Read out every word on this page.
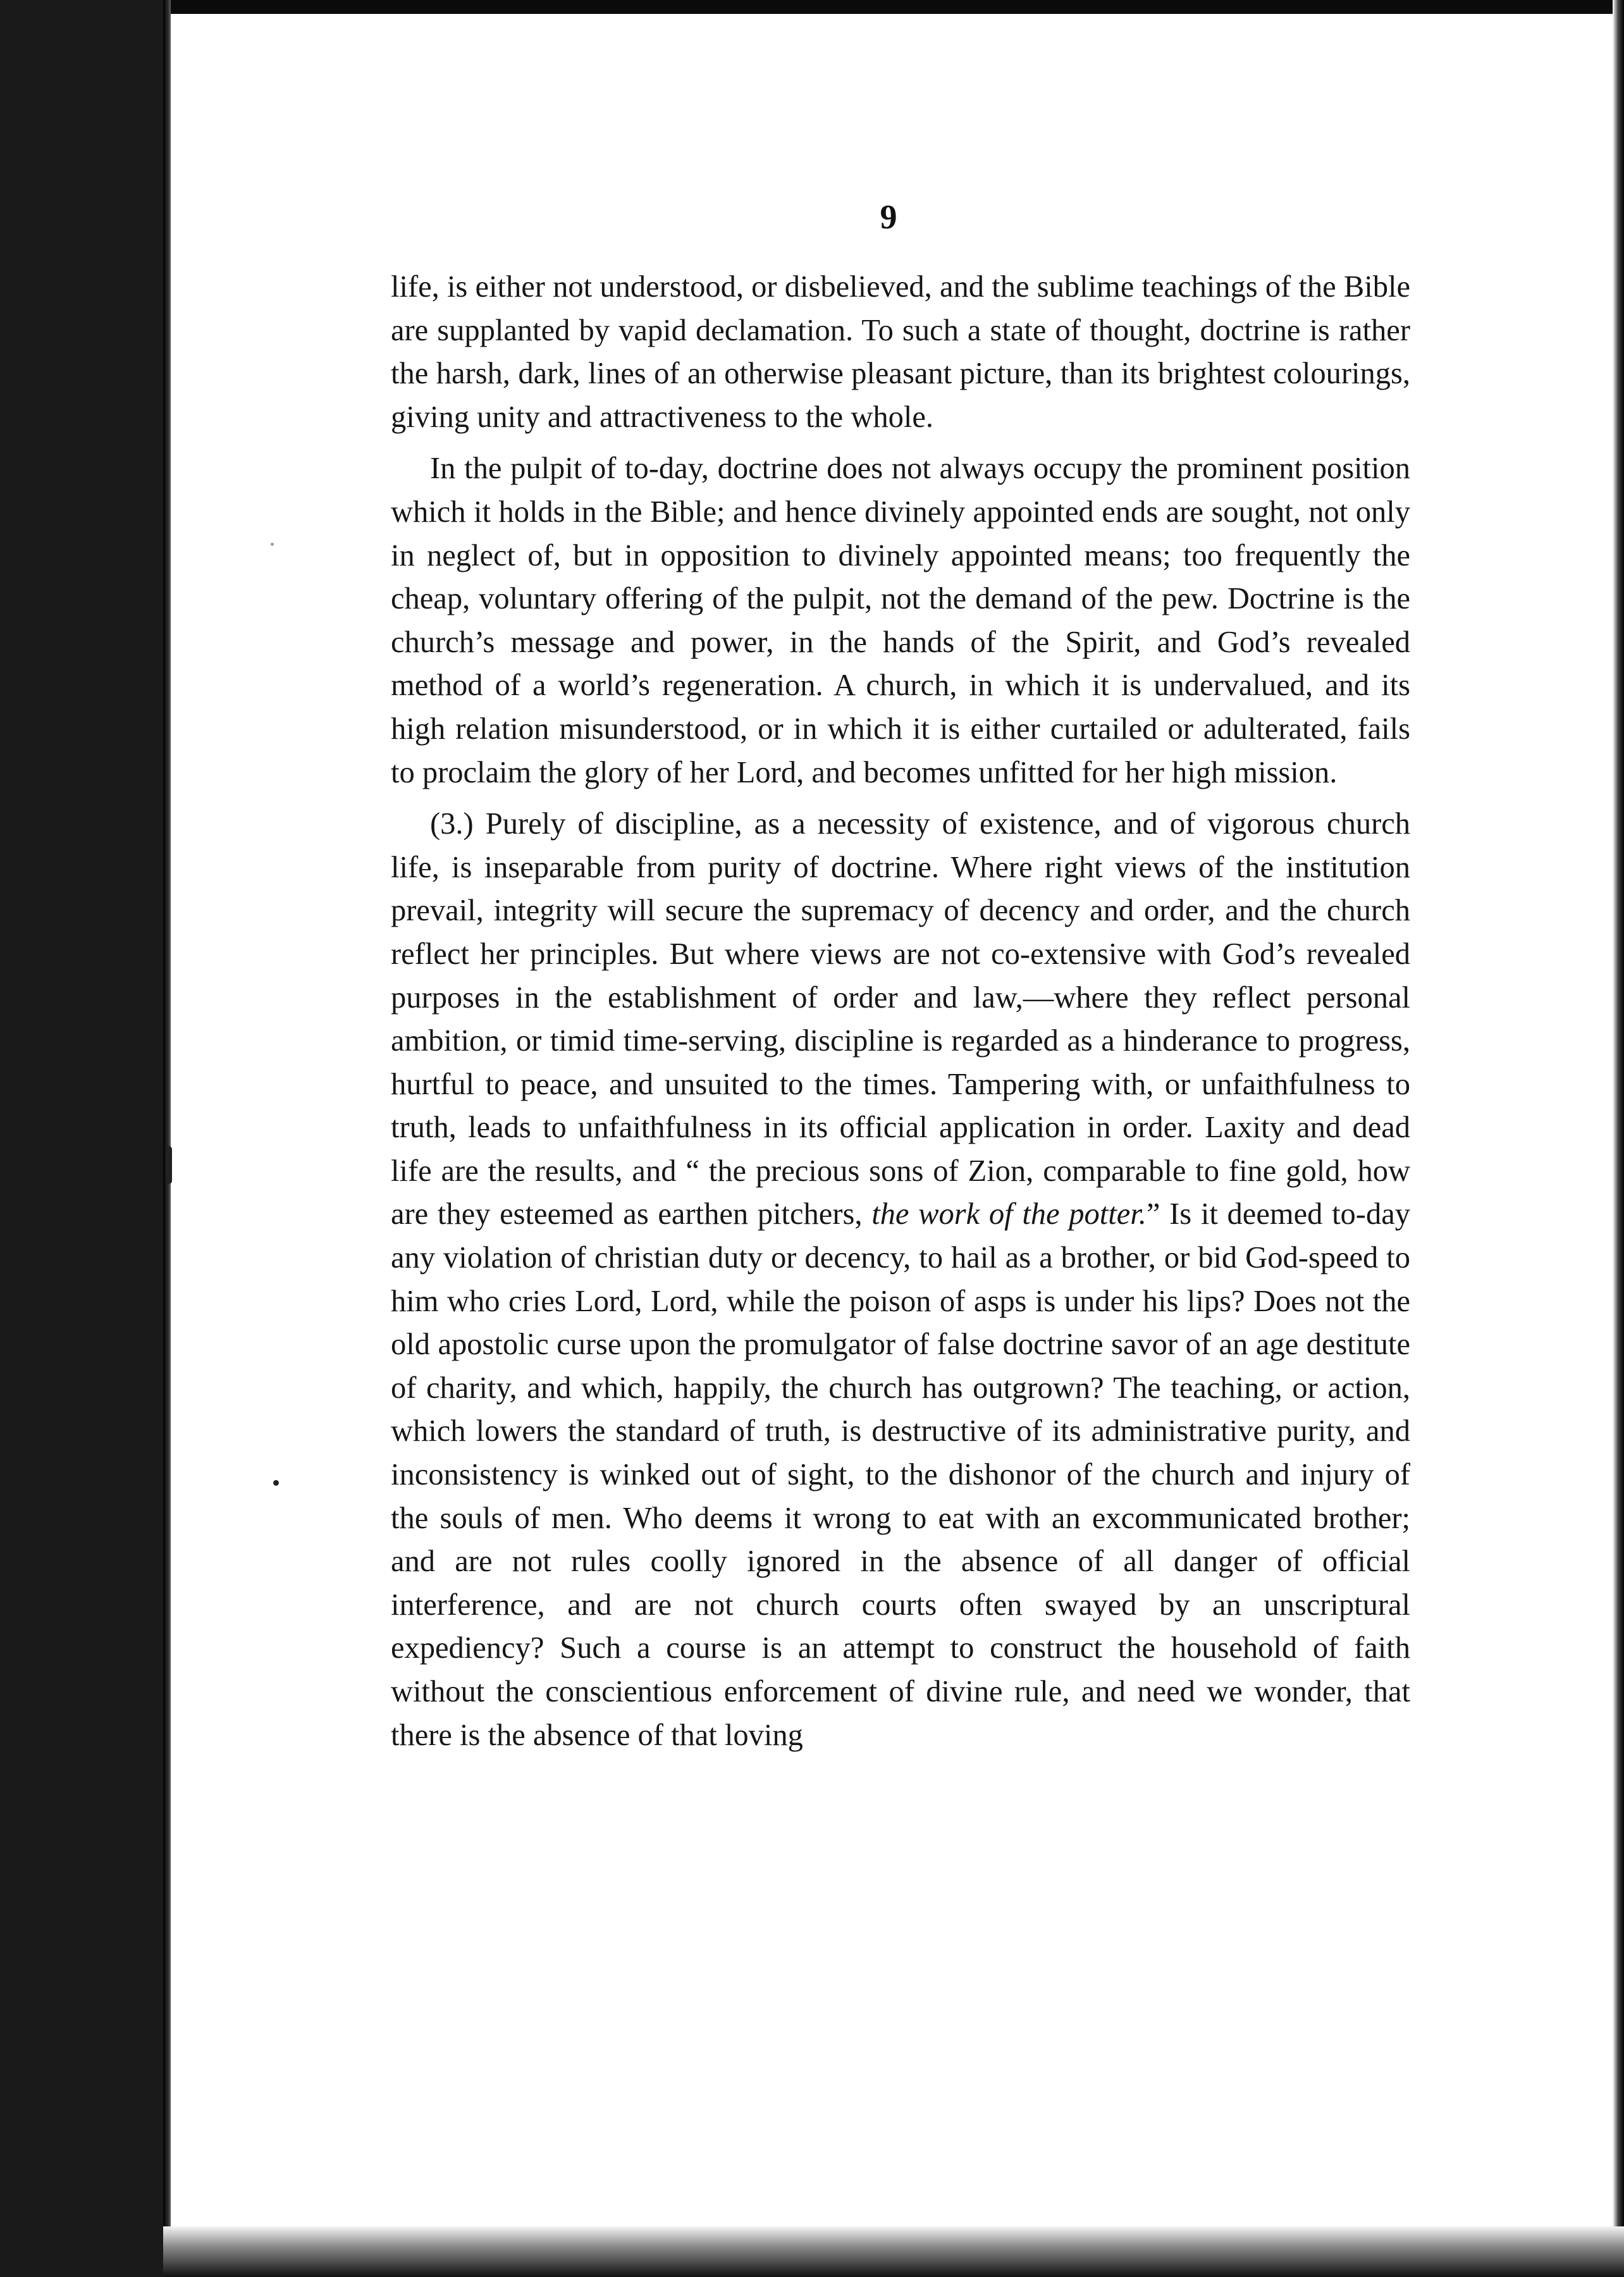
9

life, is either not understood, or disbelieved, and the sublime teachings of the Bible are supplanted by vapid declamation. To such a state of thought, doctrine is rather the harsh, dark, lines of an otherwise pleasant picture, than its brightest colourings, giving unity and attractiveness to the whole.

In the pulpit of to-day, doctrine does not always occupy the prominent position which it holds in the Bible; and hence divinely appointed ends are sought, not only in neglect of, but in opposition to divinely appointed means; too frequently the cheap, voluntary offering of the pulpit, not the demand of the pew. Doctrine is the church’s message and power, in the hands of the Spirit, and God’s revealed method of a world’s regeneration. A church, in which it is undervalued, and its high relation misunderstood, or in which it is either curtailed or adulterated, fails to proclaim the glory of her Lord, and becomes unfitted for her high mission.

(3.) Purely of discipline, as a necessity of existence, and of vigorous church life, is inseparable from purity of doctrine. Where right views of the institution prevail, integrity will secure the supremacy of decency and order, and the church reflect her principles. But where views are not co-extensive with God’s revealed purposes in the establishment of order and law,—where they reflect personal ambition, or timid time-serving, discipline is regarded as a hinderance to progress, hurtful to peace, and unsuited to the times. Tampering with, or unfaithfulness to truth, leads to unfaithfulness in its official application in order. Laxity and dead life are the results, and “ the precious sons of Zion, comparable to fine gold, how are they esteemed as earthen pitchers, the work of the potter.” Is it deemed to-day any violation of christian duty or decency, to hail as a brother, or bid God-speed to him who cries Lord, Lord, while the poison of asps is under his lips? Does not the old apostolic curse upon the promulgator of false doctrine savor of an age destitute of charity, and which, happily, the church has outgrown? The teaching, or action, which lowers the standard of truth, is destructive of its administrative purity, and inconsistency is winked out of sight, to the dishonor of the church and injury of the souls of men. Who deems it wrong to eat with an excommunicated brother; and are not rules coolly ignored in the absence of all danger of official interference, and are not church courts often swayed by an unscriptural expediency? Such a course is an attempt to construct the household of faith without the conscientious enforcement of divine rule, and need we wonder, that there is the absence of that loving
